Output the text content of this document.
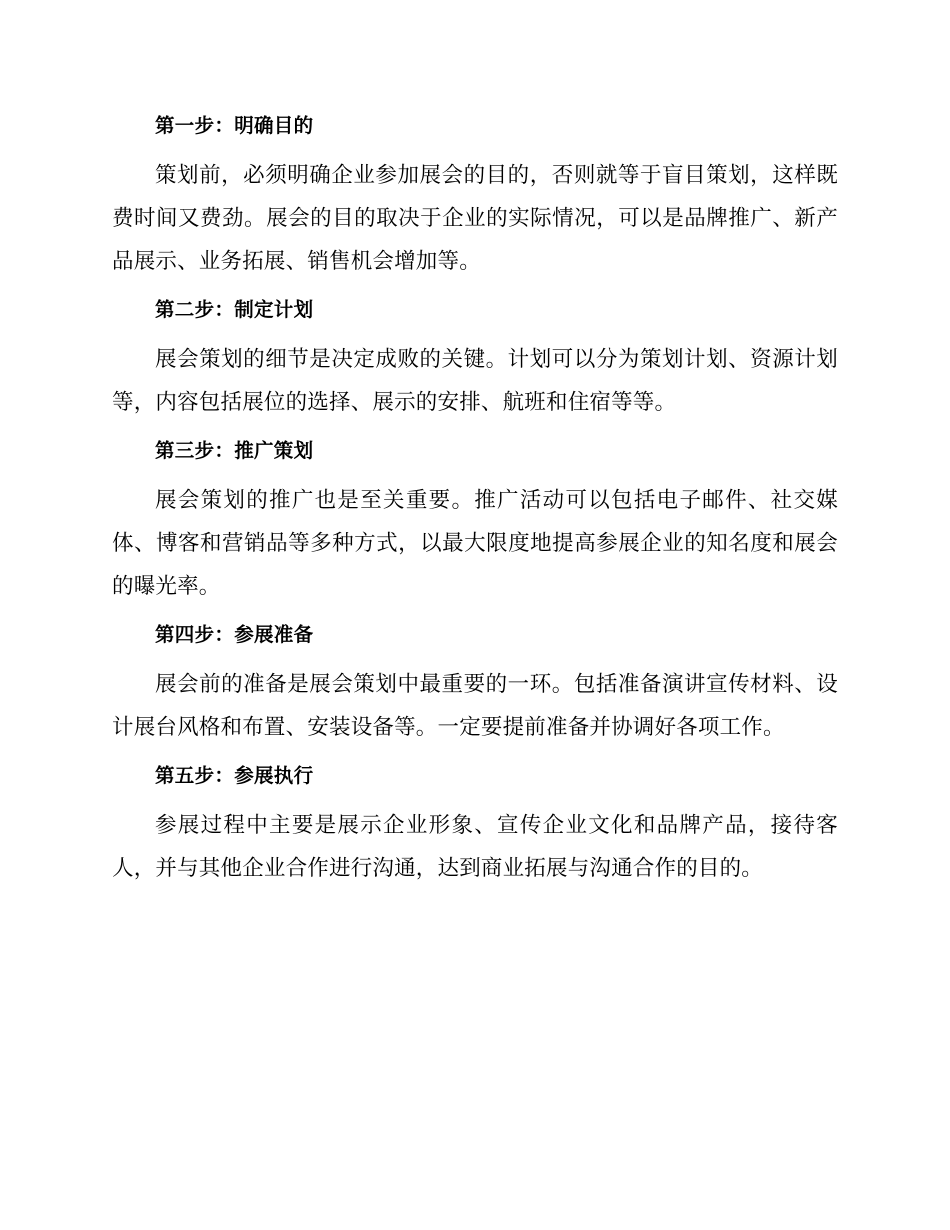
第一步：明确目的

策划前，必须明确企业参加展会的目的，否则就等于盲目策划，这样既费时间又费劲。展会的目的取决于企业的实际情况，可以是品牌推广、新产品展示、业务拓展、销售机会增加等。

第二步：制定计划

展会策划的细节是决定成败的关键。计划可以分为策划计划、资源计划等，内容包括展位的选择、展示的安排、航班和住宿等等。

第三步：推广策划

展会策划的推广也是至关重要。推广活动可以包括电子邮件、社交媒体、博客和营销品等多种方式，以最大限度地提高参展企业的知名度和展会的曝光率。

第四步：参展准备

展会前的准备是展会策划中最重要的一环。包括准备演讲宣传材料、设计展台风格和布置、安装设备等。一定要提前准备并协调好各项工作。

第五步：参展执行

参展过程中主要是展示企业形象、宣传企业文化和品牌产品，接待客人，并与其他企业合作进行沟通，达到商业拓展与沟通合作的目的。
